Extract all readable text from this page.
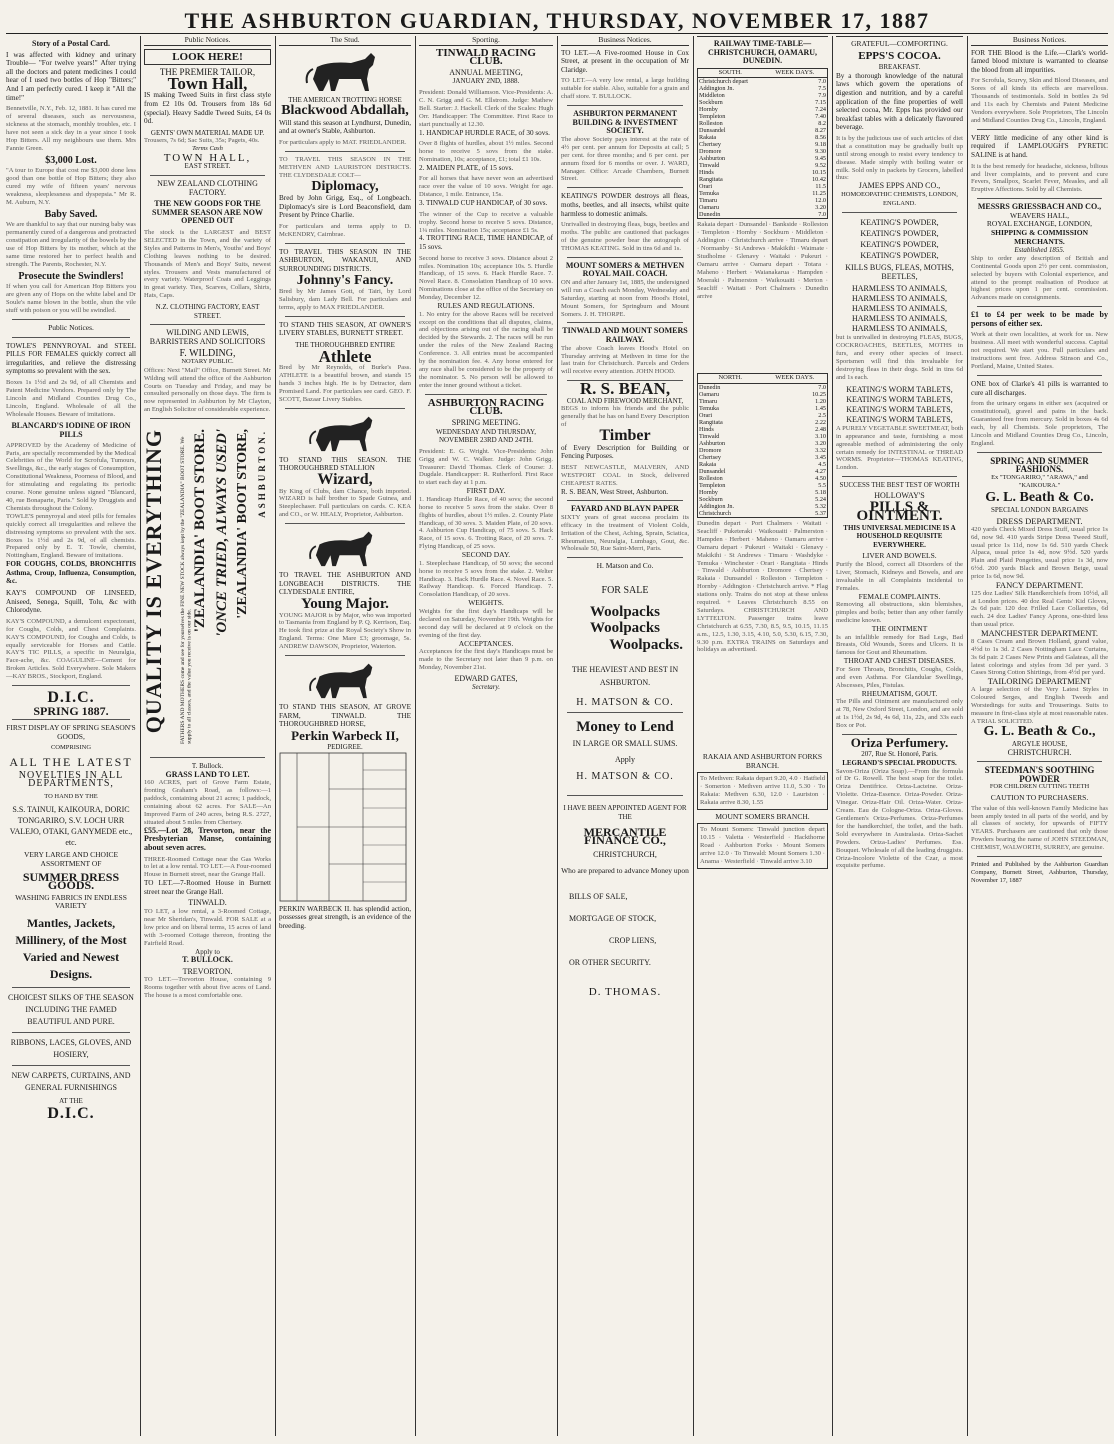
THE ASHBURTON GUARDIAN, THURSDAY, NOVEMBER 17, 1887
Story of a Postal Card.
I was affected with kidney and urinary Trouble— "For twelve years!" After trying all the doctors and patent medicines I could hear of I used two bottles of Hop "Bitters;" And I am perfectly cured. I keep it "All the time!"
Bennetville, N.Y., Feb. 12, 1881. It has cured me of several diseases, such as nervousness, sickness at the stomach, monthly troubles, etc. I have not seen a sick day in a year since I took Hop Bitters. All my neighbours use them. Mrs Fannie Green.
$3,000 Lost.
"A tour to Europe that cost me $3,000 done less good than one bottle of Hop Bitters; they also cured my wife of fifteen years' nervous weakness, sleeplessness and dyspepsia." Mr R. M. Auburn, N.Y.
Baby Saved.
We are thankful to say that our nursing baby was permanently cured of a dangerous and protracted constipation and irregularity of the bowels by the use of Hop Bitters by its mother, which at the same time restored her to perfect health and strength. The Parents, Rochester, N.Y.
Prosecute the Swindlers!
If when you call for American Hop Bitters you are given any of Hops on the white label and Dr Soule's name blown in the bottle, shun the vile stuff with poison or you will be swindled.
Public Notices.
TOWLE'S PENNYROYAL and STEEL PILLS FOR FEMALES quickly correct all irregularities, and relieve the distressing symptoms so prevalent with the sex.
Boxes 1s 1½d and 2s 9d, of all Chemists and Patent Medicine Vendors. Prepared only by The Lincoln and Midland Counties Drug Co., Lincoln, England. Wholesale of all the Wholesale Houses. Beware of imitations.
BLANCARD'S IODINE OF IRON PILLS
APPROVED by the Academy of Medicine of Paris, are specially recommended by the Medical Celebrities of the World for Scrofula, Tumours, Swellings, &c., the early stages of Consumption, Constitutional Weakness, Poorness of Blood, and for stimulating and regulating its periodic course. None genuine unless signed "Blancard, 40, rue Bonaparte, Paris." Sold by Druggists and Chemists throughout the Colony.
TOWLE'S pennyroyal and steel pills for females quickly correct all irregularities and relieve the distressing symptoms so prevalent with the sex. Boxes 1s 1½d and 2s 9d, of all chemists. Prepared only by E. T. Towle, chemist, Nottingham, England. Beware of imitations.
FOR COUGHS, COLDS, BRONCHITIS Asthma, Croup, Influenza, Consumption, &c.
KAY'S COMPOUND OF LINSEED, Aniseed, Senega, Squill, Tolu, &c with Chlorodyne.
KAY'S COMPOUND, a demulcent expectorant, for Coughs, Colds, and Chest Complaints. KAY'S COMPOUND, for Coughs and Colds, is equally serviceable for Horses and Cattle. KAY'S TIC PILLS, a specific in Neuralgia, Face-ache, &c. COAGULINE—Cement for Broken Articles. Sold Everywhere. Sole Makers—KAY BROS., Stockport, England.
D.I.C.
SPRING 1887.
FIRST DISPLAY OF SPRING SEASON'S GOODS,
COMPRISING
ALL THE LATEST
NOVELTIES IN ALL
DEPARTMENTS,
TO HAND BY THE
S.S. TAINUI, KAIKOURA, DORIC TONGARIRO, S.V. LOCH URR VALEJO, OTAKI, GANYMEDE etc., etc.
VERY LARGE AND CHOICE ASSORTMENT OF
SUMMER DRESS GOODS.
WASHING FABRICS IN ENDLESS VARIETY
Mantles, Jackets, Millinery, of the Most Varied and Newest Designs.
CHOICEST SILKS OF THE SEASON INCLUDING THE FAMED BEAUTIFUL AND PURE.
RIBBONS, LACES, GLOVES, AND HOSIERY,
NEW CARPETS, CURTAINS, AND GENERAL FURNISHINGS
AT THE
D.I.C.
Public Notices.
LOOK HERE!
THE PREMIER TAILOR,
Town Hall,
IS making Tweed Suits in first class style from £2 10s 0d. Trousers from 18s 6d (special). Heavy Saddle Tweed Suits, £4 0s 0d.
GENTS' OWN MATERIAL MADE UP.
Trousers, 7s 6d; Sac Suits, 35s; Pagets, 40s.
Terms Cash
TOWN HALL,
EAST STREET.
NEW ZEALAND CLOTHING FACTORY.
THE NEW GOODS FOR THE SUMMER SEASON ARE NOW OPENED OUT
The stock is the LARGEST and BEST SELECTED in the Town, and the variety of Styles and Patterns in Men's, Youths' and Boys' Clothing leaves nothing to be desired. Thousands of Men's and Boys' Suits, newest styles. Trousers and Vests manufactured of every variety. Waterproof Coats and Leggings in great variety. Ties, Scarves, Collars, Shirts, Hats, Caps.
N.Z. CLOTHING FACTORY, EAST STREET.
WILDING AND LEWIS, BARRISTERS AND SOLICITORS
F. WILDING,
NOTARY PUBLIC.
Offices: Next "Mail" Office, Burnett Street. Mr Wilding will attend the office of the Ashburton Courts on Tuesday and Friday, and may be consulted personally on those days. The firm is now represented in Ashburton by Mr Clayton, an English Solicitor of considerable experience.
QUALITY IS EVERYTHING	FATHERS AND MOTHERS come and see for yourselves the FINE NEW STOCK always kept by the "ZEALANDIA" BOOT STORE. We supply to all classes, and the value you receive is on our side.
'ZEALANDIA' BOOT STORE. 'ONCE TRIED, ALWAYS USED' 'ZEALANDIA' BOOT STORE, ASHBURTON.
T. Bullock.
GRASS LAND TO LET.
160 ACRES, part of Grove Farm Estate, fronting Graham's Road, as follows:—1 paddock, containing about 21 acres; 1 paddock, containing about 62 acres. For SALE—An Improved Farm of 240 acres, being R.S. 2727, situated about 5 miles from Chertsey.
£55.—Lot 28, Trevorton, near the Presbyterian Manse, containing about seven acres.
THREE-Roomed Cottage near the Gas Works to let at a low rental. TO LET.—A Four-roomed House in Burnett street, near the Grange Hall.
TO LET.—7-Roomed House in Burnett street near the Grange Hall.
TINWALD.
TO LET, a low rental, a 3-Roomed Cottage, near Mr Sheridan's, Tinwald. FOR SALE at a low price and on liberal terms, 15 acres of land with 3-roomed Cottage thereon, fronting the Fairfield Road.
Apply to
T. BULLOCK.
TREVORTON.
TO LET.—Trevorton House, containing 9 Rooms together with about five acres of Land. The house is a most comfortable one.
The Stud.
THE AMERICAN TROTTING HORSE
Blackwood Abdallah,
Will stand this season at Lyndhurst, Dunedin, and at owner's Stable, Ashburton.
For particulars apply to MAT. FRIEDLANDER.
TO TRAVEL THIS SEASON IN THE METHVEN AND LAURISTON DISTRICTS. THE CLYDESDALE COLT—
Diplomacy,
Bred by John Grigg, Esq., of Longbeach. Diplomacy's sire is Lord Beaconsfield, dam Present by Prince Charlie.
For particulars and terms apply to D. McKENDRY, Cairnbrae.
TO TRAVEL THIS SEASON IN THE ASHBURTON, WAKANUI, AND SURROUNDING DISTRICTS.
Johnny's Fancy.
Bred by Mr James Gott, of Tairi, by Lord Salisbury, dam Lady Bell. For particulars and terms, apply to MAX FRIEDLANDER.
TO STAND THIS SEASON, AT OWNER'S LIVERY STABLES, BURNETT STREET.
THE THOROUGHBRED ENTIRE
Athlete
Bred by Mr Reynolds, of Burke's Pass. ATHLETE is a beautiful brown, and stands 15 hands 3 inches high. He is by Detractor, dam Promised Land. For particulars see card. GEO. F. SCOTT, Bazaar Livery Stables.
TO STAND THIS SEASON. THE THOROUGHBRED STALLION
Wizard,
By King of Clubs, dam Chance, both imported. WIZARD is half brother to Spade Guinea, and Steeplechaser. Full particulars on cards. C. KEA and CO., or W. HEALY, Proprietor, Ashburton.
TO TRAVEL THE ASHBURTON AND LONGBEACH DISTRICTS. THE CLYDESDALE ENTIRE,
Young Major.
YOUNG MAJOR is by Major, who was imported to Tasmania from England by P. Q. Kerrison, Esq. He took first prize at the Royal Society's Show in England. Terms: One Mare £3; groomage, 5s. ANDREW DAWSON, Proprietor, Waterton.
TO STAND THIS SEASON, AT GROVE FARM, TINWALD. THE THOROUGHBRED HORSE,
Perkin Warbeck II,
PEDIGREE.
PERKIN WARBECK II. has splendid action, possesses great strength, is an evidence of the breeding.
Sporting.
TINWALD RACING CLUB.
ANNUAL MEETING,
JANUARY 2ND, 1888.
President: Donald Williamson. Vice-Presidents: A. C. N. Grigg and G. M. Ellstrom. Judge: Mathew Bell. Starter: J. Hackell. Clerk of the Scales: Hugh Orr. Handicapper: The Committee. First Race to start punctually at 12.30.
1. HANDICAP HURDLE RACE, of 30 sovs.
Over 8 flights of hurdles, about 1½ miles. Second horse to receive 5 sovs from the stake. Nomination, 10s; acceptance, £1; total £1 10s.
2. MAIDEN PLATE, of 15 sovs.
For all horses that have never won an advertised race over the value of 10 sovs. Weight for age. Distance, 1 mile. Entrance, 15s.
3. TINWALD CUP HANDICAP, of 30 sovs.
The winner of the Cup to receive a valuable trophy. Second horse to receive 5 sovs. Distance, 1¼ miles. Nomination 15s; acceptance £1 5s.
4. TROTTING RACE, TIME HANDICAP, of 15 sovs.
Second horse to receive 3 sovs. Distance about 2 miles. Nomination 10s; acceptance 10s. 5. Hurdle Handicap, of 15 sovs. 6. Hack Hurdle Race. 7. Novel Race. 8. Consolation Handicap of 10 sovs. Nominations close at the office of the Secretary on Monday, December 12.
RULES AND REGULATIONS.
1. No entry for the above Races will be received except on the conditions that all disputes, claims, and objections arising out of the racing shall be decided by the Stewards. 2. The races will be run under the rules of the New Zealand Racing Conference. 3. All entries must be accompanied by the nomination fee. 4. Any horse entered for any race shall be considered to be the property of the nominator. 5. No person will be allowed to enter the inner ground without a ticket.
ASHBURTON RACING CLUB.
SPRING MEETING.
WEDNESDAY AND THURSDAY, NOVEMBER 23RD AND 24TH.
President: E. G. Wright. Vice-Presidents: John Grigg and W. C. Walker. Judge: John Grigg. Treasurer: David Thomas. Clerk of Course: J. Dugdale. Handicapper: R. Rutherford. First Race to start each day at 1 p.m.
FIRST DAY.
1. Handicap Hurdle Race, of 40 sovs; the second horse to receive 5 sovs from the stake. Over 8 flights of hurdles, about 1½ miles. 2. County Plate Handicap, of 30 sovs. 3. Maiden Plate, of 20 sovs. 4. Ashburton Cup Handicap, of 75 sovs. 5. Hack Race, of 15 sovs. 6. Trotting Race, of 20 sovs. 7. Flying Handicap, of 25 sovs.
SECOND DAY.
1. Steeplechase Handicap, of 50 sovs; the second horse to receive 5 sovs from the stake. 2. Welter Handicap. 3. Hack Hurdle Race. 4. Novel Race. 5. Railway Handicap. 6. Forced Handicap. 7. Consolation Handicap, of 20 sovs.
WEIGHTS.
Weights for the first day's Handicaps will be declared on Saturday, November 19th. Weights for second day will be declared at 9 o'clock on the evening of the first day.
ACCEPTANCES.
Acceptances for the first day's Handicaps must be made to the Secretary not later than 9 p.m. on Monday, November 21st.
EDWARD GATES,
Secretary.
Business Notices.
TO LET.—A Five-roomed House in Cox Street, at present in the occupation of Mr Claridge.
TO LET.—A very low rental, a large building suitable for stable. Also, suitable for a grain and chaff store. T. BULLOCK.
ASHBURTON PERMANENT BUILDING & INVESTMENT SOCIETY.
The above Society pays interest at the rate of 4½ per cent. per annum for Deposits at call; 5 per cent. for three months; and 6 per cent. per annum fixed for 6 months or over. J. WARD, Manager. Office: Arcade Chambers, Burnett Street.
KEATING'S POWDER destroys all fleas, moths, beetles, and all insects, whilst quite harmless to domestic animals.
Unrivalled in destroying fleas, bugs, beetles and moths. The public are cautioned that packages of the genuine powder bear the autograph of THOMAS KEATING. Sold in tins 6d and 1s.
MOUNT SOMERS & METHVEN ROYAL MAIL COACH.
ON and after January 1st, 1885, the undersigned will run a Coach each Monday, Wednesday and Saturday, starting at noon from Hood's Hotel, Mount Somers, for Springburn and Mount Somers. J. H. THORPE.
TINWALD AND MOUNT SOMERS RAILWAY.
The above Coach leaves Hood's Hotel on Thursday arriving at Methven in time for the last train for Christchurch. Parcels and Orders will receive every attention. JOHN HOOD.
R. S. BEAN,
COAL AND FIREWOOD MERCHANT,
BEGS to inform his friends and the public generally that he has on hand Every Description of
Timber
of Every Description for Building or Fencing Purposes.
BEST NEWCASTLE, MALVERN, AND WESTPORT COAL in Stock, delivered CHEAPEST RATES.
R. S. BEAN, West Street, Ashburton.
FAYARD AND BLAYN PAPER
SIXTY years of great success proclaim its efficacy in the treatment of Violent Colds, Irritation of the Chest, Aching, Sprain, Sciatica, Rheumatism, Neuralgia, Lumbago, Gout, &c. Wholesale 50, Rue Saint-Merri, Paris.
H. Matson and Co.
FOR SALE
Woolpacks
Woolpacks
Woolpacks.
THE HEAVIEST AND BEST IN ASHBURTON.
H. MATSON & CO.
Money to Lend
IN LARGE OR SMALL SUMS.
Apply
H. MATSON & CO.
I HAVE BEEN APPOINTED AGENT FOR THE
MERCANTILE FINANCE CO.,
CHRISTCHURCH,
Who are prepared to advance Money upon
BILLS OF SALE,
MORTGAGE OF STOCK,
CROP LIENS,
OR OTHER SECURITY.
D. THOMAS.
RAILWAY TIME-TABLE—CHRISTCHURCH, OAMARU, DUNEDIN.
SOUTH.	WEEK DAYS.
Christchurch depart	7.0
Addington Jn.	7.5
Middleton	7.9
Sockburn	7.15
Hornby	7.24
Templeton	7.40
Rolleston	8.2
Dunsandel	8.27
Rakaia	8.56
Chertsey	9.18
Dromore	9.30
Ashburton	9.45
Tinwald	9.52
Hinds	10.15
Rangitata	10.42
Orari	11.5
Temuka	11.25
Timaru	12.0
Oamaru	3.20
Dunedin	7.0
Rakaia depart · Dunsandel · Bankside · Rolleston · Templeton · Hornby · Sockburn · Middleton · Addington · Christchurch arrive · Timaru depart · Normanby · St Andrews · Makikihi · Waimate · Studholme · Glenavy · Waitaki · Pukeuri · Oamaru arrive · Oamaru depart · Totara · Maheno · Herbert · Waianakarua · Hampden · Moeraki · Palmerston · Waikouaiti · Merton · Seacliff · Waitati · Port Chalmers · Dunedin arrive
NORTH.	WEEK DAYS.
Dunedin	7.0
Oamaru	10.25
Timaru	1.20
Temuka	1.45
Orari	2.5
Rangitata	2.22
Hinds	2.48
Tinwald	3.10
Ashburton	3.20
Dromore	3.32
Chertsey	3.45
Rakaia	4.5
Dunsandel	4.27
Rolleston	4.50
Templeton	5.5
Hornby	5.18
Sockburn	5.24
Addington Jn.	5.32
Christchurch	5.37
Dunedin depart · Port Chalmers · Waitati · Seacliff · Puketeraki · Waikouaiti · Palmerston · Hampden · Herbert · Maheno · Oamaru arrive · Oamaru depart · Pukeuri · Waitaki · Glenavy · Makikihi · St Andrews · Timaru · Washdyke · Temuka · Winchester · Orari · Rangitata · Hinds · Tinwald · Ashburton · Dromore · Chertsey · Rakaia · Dunsandel · Rolleston · Templeton · Hornby · Addington · Christchurch arrive. * Flag stations only. Trains do not stop at these unless required. + Leaves Christchurch 8.55 on Saturdays. CHRISTCHURCH AND LYTTELTON. Passenger trains leave Christchurch at 6.55, 7.30, 8.5, 9.5, 10.15, 11.15 a.m., 12.5, 1.30, 3.15, 4.10, 5.0, 5.30, 6.15, 7.30, 9.30 p.m. EXTRA TRAINS on Saturdays and holidays as advertised.
RAKAIA AND ASHBURTON FORKS BRANCH.
To Methven: Rakaia depart 9.20, 4.0 · Hatfield · Somerton · Methven arrive 11.0, 5.30 · To Rakaia: Methven 6.30, 12.0 · Lauriston · Rakaia arrive 8.30, 1.55
MOUNT SOMERS BRANCH.
To Mount Somers: Tinwald junction depart 10.15 · Valetta · Westerfield · Hackthorne Road · Ashburton Forks · Mount Somers arrive 12.0 · To Tinwald: Mount Somers 1.30 · Anama · Westerfield · Tinwald arrive 3.10
GRATEFUL—COMFORTING.
EPPS'S COCOA.
BREAKFAST.
By a thorough knowledge of the natural laws which govern the operations of digestion and nutrition, and by a careful application of the fine properties of well selected cocoa, Mr. Epps has provided our breakfast tables with a delicately flavoured beverage.
It is by the judicious use of such articles of diet that a constitution may be gradually built up until strong enough to resist every tendency to disease. Made simply with boiling water or milk. Sold only in packets by Grocers, labelled thus:
JAMES EPPS AND CO.,
HOMOEOPATHIC CHEMISTS, LONDON, ENGLAND.
KEATING'S POWDER,
KEATING'S POWDER,
KEATING'S POWDER,
KEATING'S POWDER,
KILLS BUGS, FLEAS, MOTHS, BEETLES,
HARMLESS TO ANIMALS,
HARMLESS TO ANIMALS,
HARMLESS TO ANIMALS,
HARMLESS TO ANIMALS,
HARMLESS TO ANIMALS,
but is unrivalled in destroying FLEAS, BUGS, COCKROACHES, BEETLES, MOTHS in furs, and every other species of insect. Sportsmen will find this invaluable for destroying fleas in their dogs. Sold in tins 6d and 1s each.
KEATING'S WORM TABLETS,
KEATING'S WORM TABLETS,
KEATING'S WORM TABLETS,
KEATING'S WORM TABLETS,
A PURELY VEGETABLE SWEETMEAT, both in appearance and taste, furnishing a most agreeable method of administering the only certain remedy for INTESTINAL or THREAD WORMS. Proprietor—THOMAS KEATING, London.
SUCCESS THE BEST TEST OF WORTH
HOLLOWAY'S
PILLS & OINTMENT.
THIS UNIVERSAL MEDICINE IS A HOUSEHOLD REQUISITE EVERYWHERE.
LIVER AND BOWELS.
Purify the Blood, correct all Disorders of the Liver, Stomach, Kidneys and Bowels, and are invaluable in all Complaints incidental to Females.
FEMALE COMPLAINTS.
Removing all obstructions, skin blemishes, pimples and boils; better than any other family medicine known.
THE OINTMENT
Is an infallible remedy for Bad Legs, Bad Breasts, Old Wounds, Sores and Ulcers. It is famous for Gout and Rheumatism.
THROAT AND CHEST DISEASES.
For Sore Throats, Bronchitis, Coughs, Colds, and even Asthma. For Glandular Swellings, Abscesses, Piles, Fistulas.
RHEUMATISM, GOUT.
The Pills and Ointment are manufactured only at 78, New Oxford Street, London, and are sold at 1s 1½d, 2s 9d, 4s 6d, 11s, 22s, and 33s each Box or Pot.
Oriza Perfumery.
207, Rue St. Honoré, Paris.
LEGRAND'S SPECIAL PRODUCTS.
Savon-Oriza (Oriza Soap).—From the formula of Dr G. Rowell. The best soap for the toilet. Oriza Dentifrice. Oriza-Lacteine. Oriza-Violette. Oriza-Essence. Oriza-Powder. Oriza-Vinegar. Oriza-Hair Oil. Oriza-Water. Oriza-Cream. Eau de Cologne-Oriza. Oriza-Gloves. Gentlemen's Oriza-Perfumes. Oriza-Perfumes for the handkerchief, the toilet, and the bath. Sold everywhere in Australasia. Oriza-Sachet Powders. Oriza-Ladies' Perfumes. Ess. Bouquet. Wholesale of all the leading druggists. Oriza-Incolore Violette of the Czar, a most exquisite perfume.
Business Notices.
FOR THE Blood is the Life.—Clark's world-famed blood mixture is warranted to cleanse the blood from all impurities.
For Scrofula, Scurvy, Skin and Blood Diseases, and Sores of all kinds its effects are marvellous. Thousands of testimonials. Sold in bottles 2s 9d and 11s each by Chemists and Patent Medicine Vendors everywhere. Sole Proprietors, The Lincoln and Midland Counties Drug Co., Lincoln, England.
VERY little medicine of any other kind is required if LAMPLOUGH'S PYRETIC SALINE is at hand.
It is the best remedy for headache, sickness, bilious and liver complaints, and to prevent and cure Fevers, Smallpox, Scarlet Fever, Measles, and all Eruptive Affections. Sold by all Chemists.
MESSRS GRIESSBACH AND CO.,
WEAVERS HALL,
ROYAL EXCHANGE, LONDON,
SHIPPING & COMMISSION MERCHANTS.
Established 1855.
Ship to order any description of British and Continental Goods upon 2½ per cent. commission, selected by buyers with Colonial experience, and attend to the prompt realisation of Produce at highest prices upon 1 per cent. commission. Advances made on consignments.
£1 to £4 per week to be made by persons of either sex.
Work at their own localities, at work for us. New business. All meet with wonderful success. Capital not required. We start you. Full particulars and instructions sent free. Address Stinson and Co., Portland, Maine, United States.
ONE box of Clarke's 41 pills is warranted to cure all discharges.
from the urinary organs in either sex (acquired or constitutional), gravel and pains in the back. Guaranteed free from mercury. Sold in boxes 4s 6d each, by all Chemists. Sole proprietors, The Lincoln and Midland Counties Drug Co., Lincoln, England.
SPRING AND SUMMER FASHIONS.
Ex "TONGARIRO," "ARAWA," and "KAIKOURA."
G. L. Beath & Co.
SPECIAL LONDON BARGAINS
DRESS DEPARTMENT.
420 yards Check Mixed Dress Stuff, usual price 1s 6d, now 9d. 410 yards Stripe Dress Tweed Stuff, usual price 1s 11d, now 1s 6d. 510 yards Check Alpaca, usual price 1s 4d, now 9½d. 520 yards Plain and Plaid Pongettes, usual price 1s 3d, now 6½d. 200 yards Black and Brown Beige, usual price 1s 6d, now 9d.
FANCY DEPARTMENT.
125 doz Ladies' Silk Handkerchiefs from 10½d, all at London prices. 40 doz Real Gents' Kid Gloves, 2s 6d pair. 120 doz Frilled Lace Collarettes, 6d each. 24 doz Ladies' Fancy Aprons, one-third less than usual price.
MANCHESTER DEPARTMENT.
8 Cases Cream and Brown Holland, grand value, 4½d to 1s 3d. 2 Cases Nottingham Lace Curtains, 3s 6d pair. 2 Cases New Prints and Galateas, all the latest colorings and styles from 3d per yard. 3 Cases Strong Cotton Shirtings, from 4½d per yard.
TAILORING DEPARTMENT
A large selection of the Very Latest Styles in Coloured Serges, and English Tweeds and Worstedings for suits and Trouserings. Suits to measure in first-class style at most reasonable rates. A TRIAL SOLICITED.
G. L. Beath & Co.,
ARGYLE HOUSE,
CHRISTCHURCH.
STEEDMAN'S SOOTHING POWDER
FOR CHILDREN CUTTING TEETH
CAUTION TO PURCHASERS.
The value of this well-known Family Medicine has been amply tested in all parts of the world, and by all classes of society, for upwards of FIFTY YEARS. Purchasers are cautioned that only those Powders bearing the name of JOHN STEEDMAN, CHEMIST, WALWORTH, SURREY, are genuine.
Printed and Published by the Ashburton Guardian Company, Burnett Street, Ashburton, Thursday, November 17, 1887
